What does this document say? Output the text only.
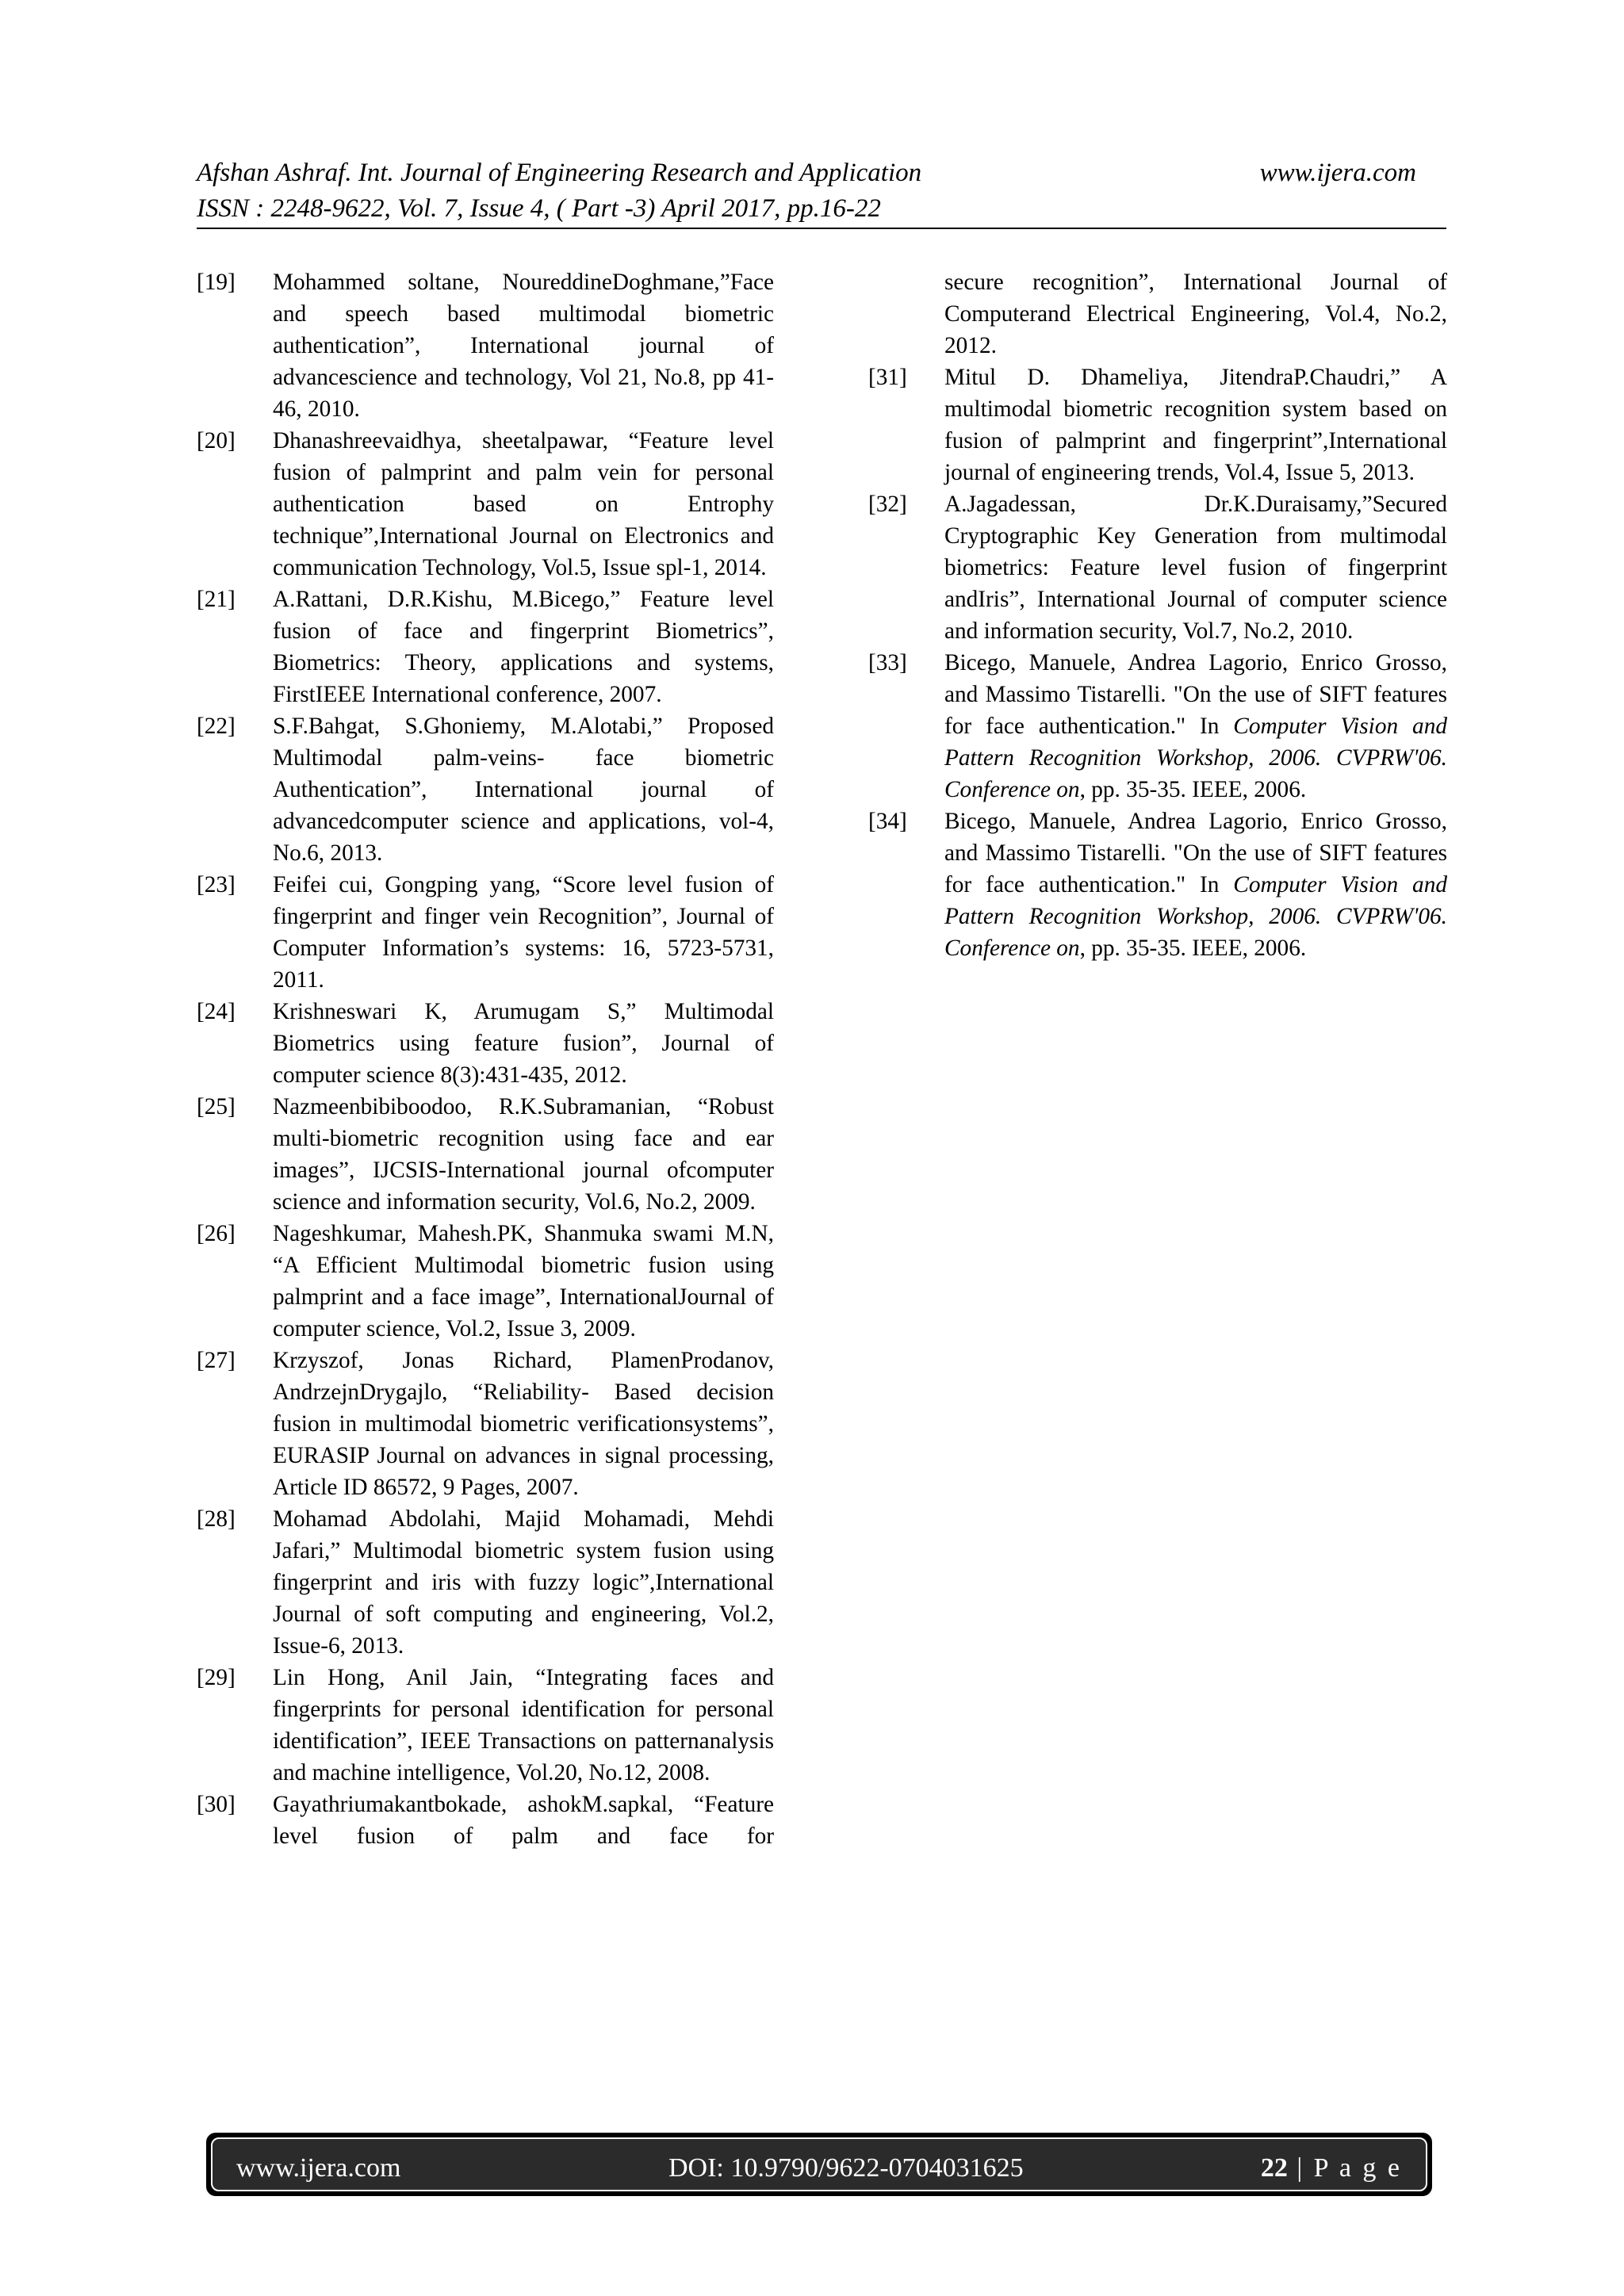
Afshan Ashraf. Int. Journal of Engineering Research and Application
ISSN : 2248-9622, Vol. 7, Issue 4, ( Part -3) April 2017, pp.16-22
www.ijera.com
[19] Mohammed soltane, NoureddineDoghmane,”Face and speech based multimodal biometric authentication”, International journal of advancescience and technology, Vol 21, No.8, pp 41-46, 2010.
[20] Dhanashreevaidhya, sheetalpawar, “Feature level fusion of palmprint and palm vein for personal authentication based on Entrophy technique”,International Journal on Electronics and communication Technology, Vol.5, Issue spl-1, 2014.
[21] A.Rattani, D.R.Kishu, M.Bicego,” Feature level fusion of face and fingerprint Biometrics”, Biometrics: Theory, applications and systems, FirstIEEE International conference, 2007.
[22] S.F.Bahgat, S.Ghoniemy, M.Alotabi,” Proposed Multimodal palm-veins- face biometric Authentication”, International journal of advancedcomputer science and applications, vol-4, No.6, 2013.
[23] Feifei cui, Gongping yang, “Score level fusion of fingerprint and finger vein Recognition”, Journal of Computer Information’s systems: 16, 5723-5731, 2011.
[24] Krishneswari K, Arumugam S,” Multimodal Biometrics using feature fusion”, Journal of computer science 8(3):431-435, 2012.
[25] Nazmeenbibiboodoo, R.K.Subramanian, “Robust multi-biometric recognition using face and ear images”, IJCSIS-International journal ofcomputer science and information security, Vol.6, No.2, 2009.
[26] Nageshkumar, Mahesh.PK, Shanmuka swami M.N, “A Efficient Multimodal biometric fusion using palmprint and a face image”, InternationalJournal of computer science, Vol.2, Issue 3, 2009.
[27] Krzyszof, Jonas Richard, PlamenProdanov, AndrzejnDrygajlo, “Reliability- Based decision fusion in multimodal biometric verificationsystems”, EURASIP Journal on advances in signal processing, Article ID 86572, 9 Pages, 2007.
[28] Mohamad Abdolahi, Majid Mohamadi, Mehdi Jafari,” Multimodal biometric system fusion using fingerprint and iris with fuzzy logic”,International Journal of soft computing and engineering, Vol.2, Issue-6, 2013.
[29] Lin Hong, Anil Jain, “Integrating faces and fingerprints for personal identification for personal identification”, IEEE Transactions on patternanalysis and machine intelligence, Vol.20, No.12, 2008.
[30] Gayathriumakantbokade, ashokM.sapkal, “Feature level fusion of palm and face for
secure recognition”, International Journal of Computerand Electrical Engineering, Vol.4, No.2, 2012.
[31] Mitul D. Dhameliya, JitendraP.Chaudri,” A multimodal biometric recognition system based on fusion of palmprint and fingerprint”,International journal of engineering trends, Vol.4, Issue 5, 2013.
[32] A.Jagadessan, Dr.K.Duraisamy,”Secured Cryptographic Key Generation from multimodal biometrics: Feature level fusion of fingerprint andIris”, International Journal of computer science and information security, Vol.7, No.2, 2010.
[33] Bicego, Manuele, Andrea Lagorio, Enrico Grosso, and Massimo Tistarelli. "On the use of SIFT features for face authentication." In Computer Vision and Pattern Recognition Workshop, 2006. CVPRW'06. Conference on, pp. 35-35. IEEE, 2006.
[34] Bicego, Manuele, Andrea Lagorio, Enrico Grosso, and Massimo Tistarelli. "On the use of SIFT features for face authentication." In Computer Vision and Pattern Recognition Workshop, 2006. CVPRW'06. Conference on, pp. 35-35. IEEE, 2006.
www.ijera.com	DOI: 10.9790/9622-0704031625	22 | P a g e
